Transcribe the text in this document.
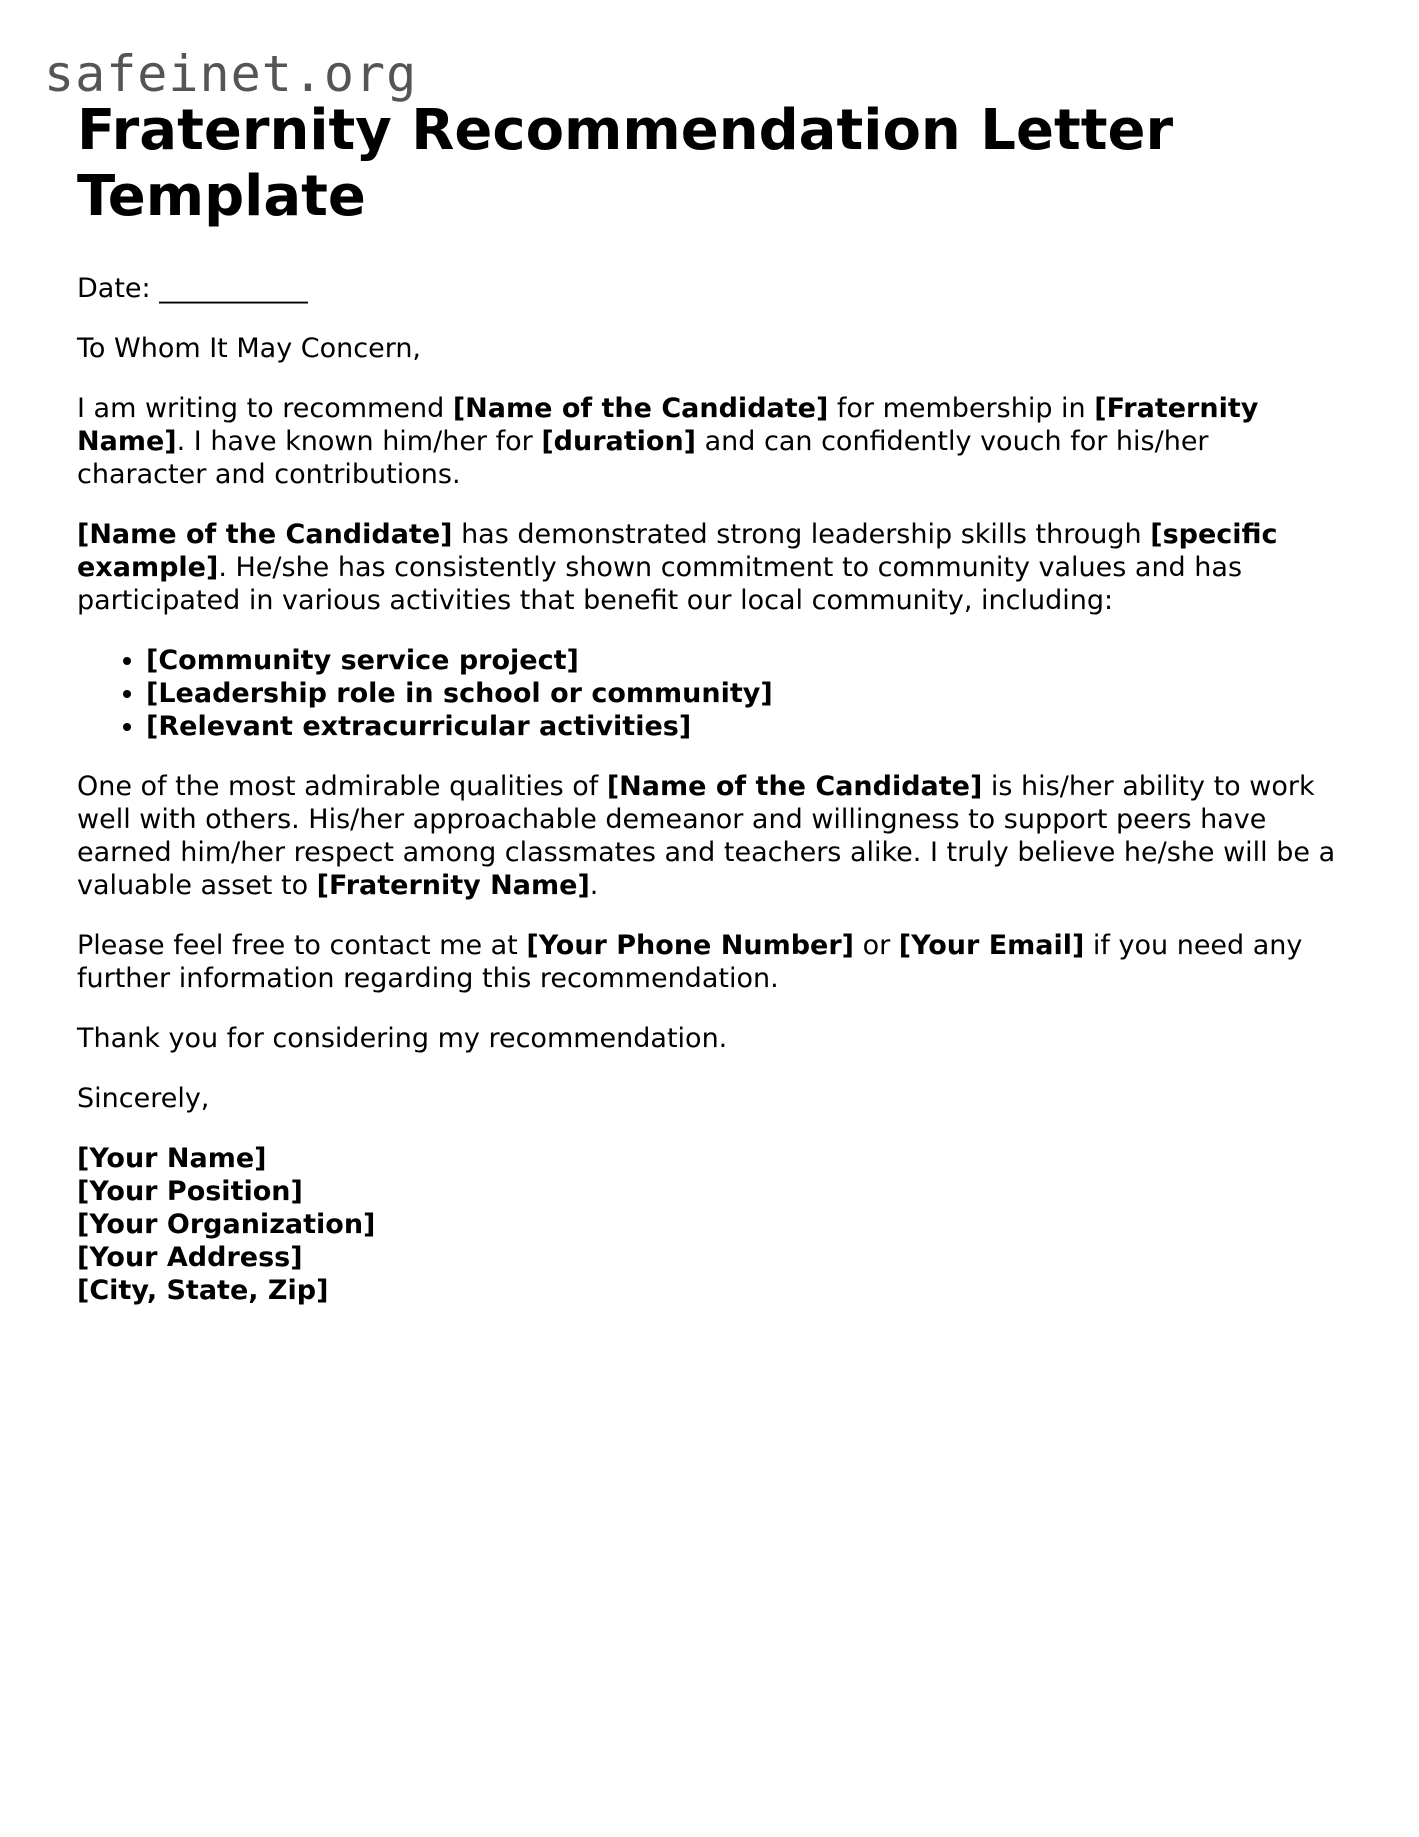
safeinet.org
Fraternity Recommendation Letter Template

Date: ___________

To Whom It May Concern,

I am writing to recommend [Name of the Candidate] for membership in [Fraternity Name]. I have known him/her for [duration] and can confidently vouch for his/her character and contributions.

[Name of the Candidate] has demonstrated strong leadership skills through [specific example]. He/she has consistently shown commitment to community values and has participated in various activities that benefit our local community, including:

• [Community service project]
• [Leadership role in school or community]
• [Relevant extracurricular activities]

One of the most admirable qualities of [Name of the Candidate] is his/her ability to work well with others. His/her approachable demeanor and willingness to support peers have earned him/her respect among classmates and teachers alike. I truly believe he/she will be a valuable asset to [Fraternity Name].

Please feel free to contact me at [Your Phone Number] or [Your Email] if you need any further information regarding this recommendation.

Thank you for considering my recommendation.

Sincerely,

[Your Name]
[Your Position]
[Your Organization]
[Your Address]
[City, State, Zip]
